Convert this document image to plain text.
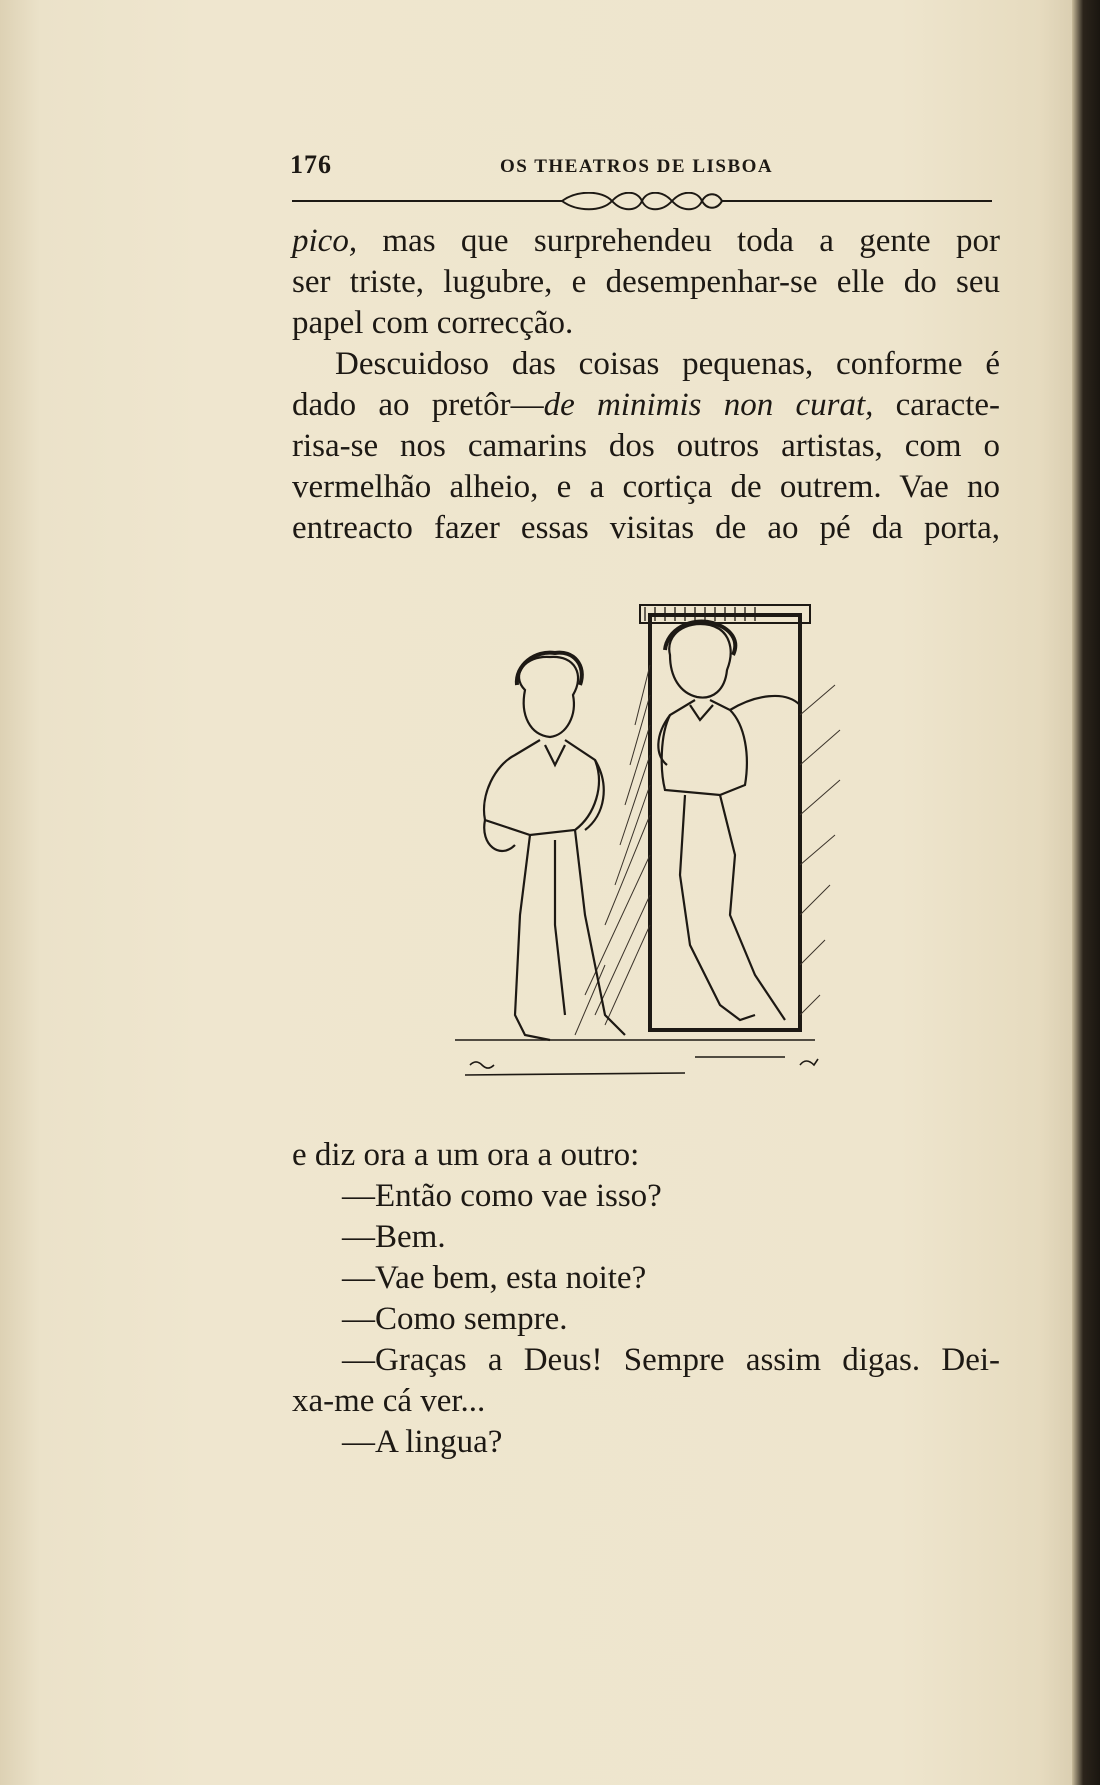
176	OS THEATROS DE LISBOA
pico, mas que surprehendeu toda a gente por
ser triste, lugubre, e desempenhar-se elle do seu
papel com correcção.
Descuidoso das coisas pequenas, conforme é
dado ao pretôr—de minimis non curat, caracte-
risa-se nos camarins dos outros artistas, com o
vermelhão alheio, e a cortiça de outrem. Vae no
entreacto fazer essas visitas de ao pé da porta,
e diz ora a um ora a outro:
—Então como vae isso?
—Bem.
—Vae bem, esta noite?
—Como sempre.
—Graças a Deus! Sempre assim digas. Dei-
xa-me cá ver...
—A lingua?
